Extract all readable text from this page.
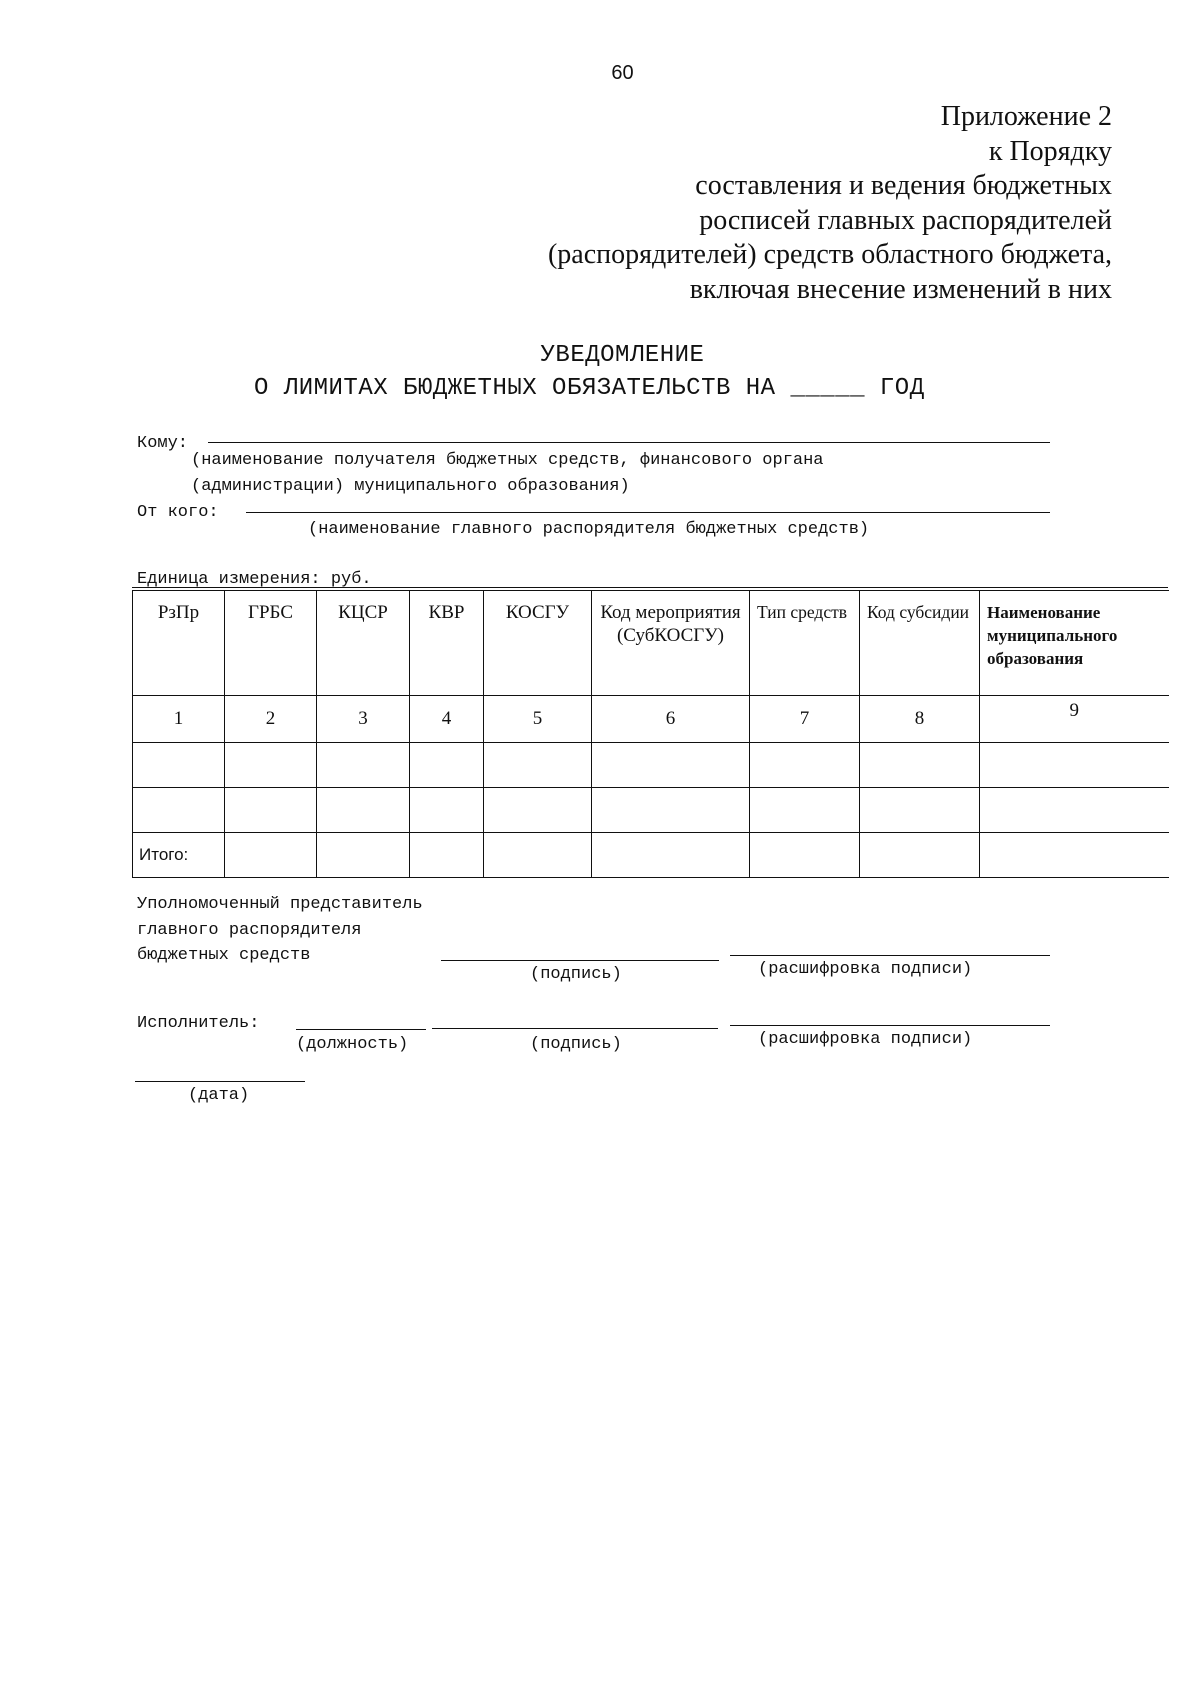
60
Приложение 2
к Порядку
составления и ведения бюджетных
росписей главных распорядителей
(распорядителей) средств областного бюджета,
включая внесение изменений в них
УВЕДОМЛЕНИЕ
О ЛИМИТАХ БЮДЖЕТНЫХ ОБЯЗАТЕЛЬСТВ НА _____ ГОД
Кому:
(наименование получателя бюджетных средств, финансового органа
(администрации) муниципального образования)
От кого:
(наименование главного распорядителя бюджетных средств)
Единица измерения: руб.
РзПр	ГРБС	КЦСР	КВР	КОСГУ	Код мероприятия (СубКОСГУ)	Тип средств	Код субсидии	Наименование муниципального образования
1	2	3	4	5	6	7	8	9

Итого:								
Уполномоченный представитель
главного распорядителя
бюджетных средств
(подпись)	(расшифровка подписи)
Исполнитель:
(должность)	(подпись)	(расшифровка подписи)
(дата)
